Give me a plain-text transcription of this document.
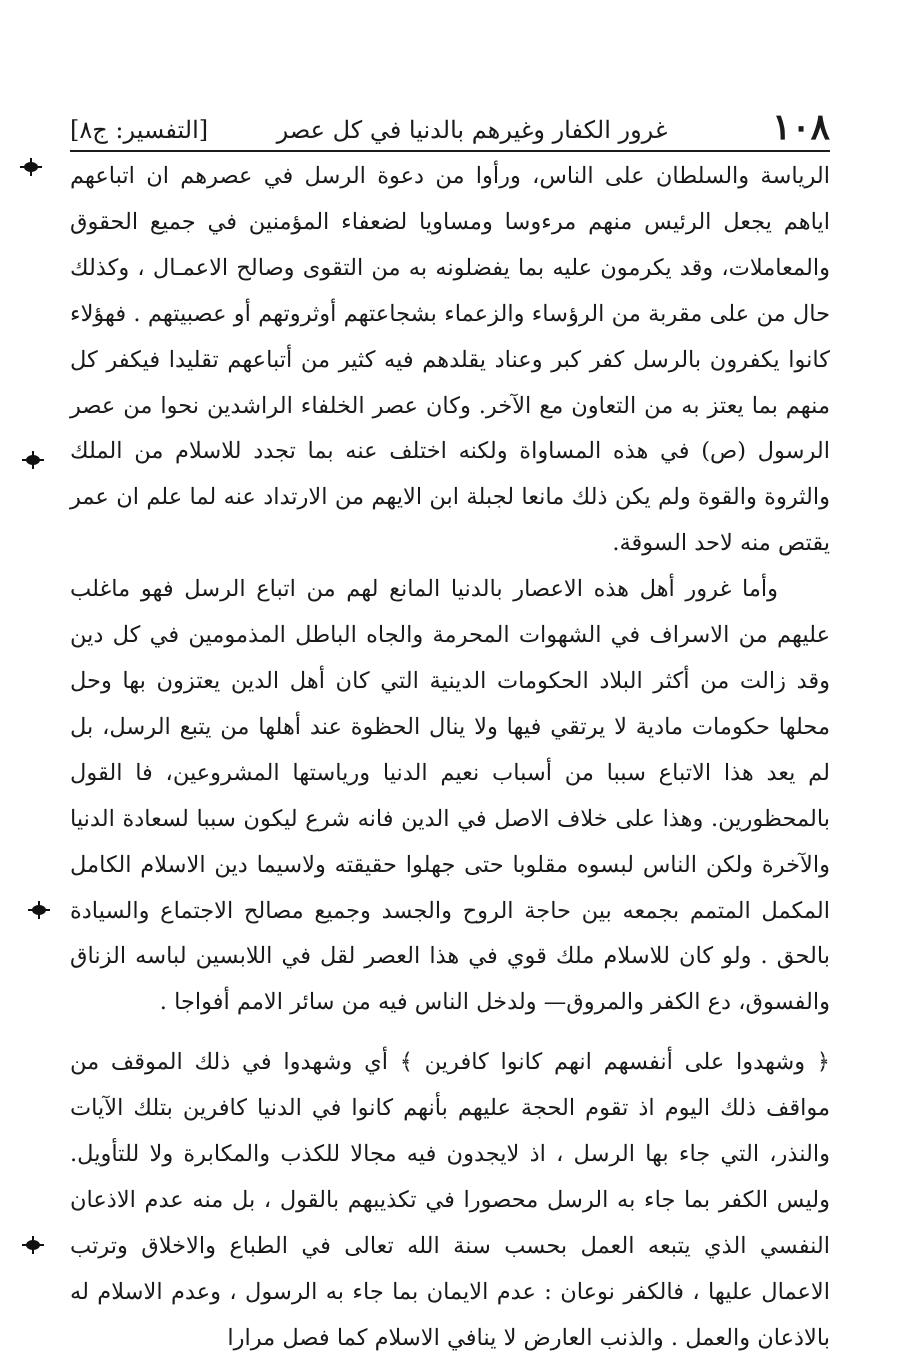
١٠٨
غرور الكفار وغيرهم بالدنيا في كل عصر
[التفسير: ج٨]

الرياسة والسلطان على الناس، ورأوا من دعوة الرسل في عصرهم ان اتباعهم اياهم يجعل الرئيس منهم مرءوسا ومساويا لضعفاء المؤمنين في جميع الحقوق والمعاملات، وقد يكرمون عليه بما يفضلونه به من التقوى وصالح الاعمـال ، وكذلك حال من على مقربة من الرؤساء والزعماء بشجاعتهم أوثروتهم أو عصبيتهم . فهؤلاء كانوا يكفرون بالرسل كفر كبر وعناد يقلدهم فيه كثير من أتباعهم تقليدا فيكفر كل منهم بما يعتز به من التعاون مع الآخر. وكان عصر الخلفاء الراشدين نحوا من عصر الرسول (ص) في هذه المساواة ولكنه اختلف عنه بما تجدد للاسلام من الملك والثروة والقوة ولم يكن ذلك مانعا لجبلة ابن الايهم من الارتداد عنه لما علم ان عمر يقتص منه لاحد السوقة.

وأما غرور أهل هذه الاعصار بالدنيا المانع لهم من اتباع الرسل فهو ماغلب عليهم من الاسراف في الشهوات المحرمة والجاه الباطل المذمومين في كل دين وقد زالت من أكثر البلاد الحكومات الدينية التي كان أهل الدين يعتزون بها وحل محلها حكومات مادية لا يرتقي فيها ولا ينال الحظوة عند أهلها من يتبع الرسل، بل لم يعد هذا الاتباع سببا من أسباب نعيم الدنيا ورياستها المشروعين، فا القول بالمحظورين. وهذا على خلاف الاصل في الدين فانه شرع ليكون سببا لسعادة الدنيا والآخرة ولكن الناس لبسوه مقلوبا حتى جهلوا حقيقته ولاسيما دين الاسلام الكامل المكمل المتمم بجمعه بين حاجة الروح والجسد وجميع مصالح الاجتماع والسيادة بالحق . ولو كان للاسلام ملك قوي في هذا العصر لقل في اللابسين لباسه الزناق والفسوق، دع الكفر والمروق— ولدخل الناس فيه من سائر الامم أفواجا .

﴿ وشهدوا على أنفسهم انهم كانوا كافرين ﴾ أي وشهدوا في ذلك الموقف من مواقف ذلك اليوم اذ تقوم الحجة عليهم بأنهم كانوا في الدنيا كافرين بتلك الآيات والنذر، التي جاء بها الرسل ، اذ لايجدون فيه مجالا للكذب والمكابرة ولا للتأويل. وليس الكفر بما جاء به الرسل محصورا في تكذيبهم بالقول ، بل منه عدم الاذعان النفسي الذي يتبعه العمل بحسب سنة الله تعالى في الطباع والاخلاق وترتب الاعمال عليها ، فالكفر نوعان : عدم الايمان بما جاء به الرسول ، وعدم الاسلام له بالاذعان والعمل . والذنب العارض لا ينافي الاسلام كما فصل مرارا
